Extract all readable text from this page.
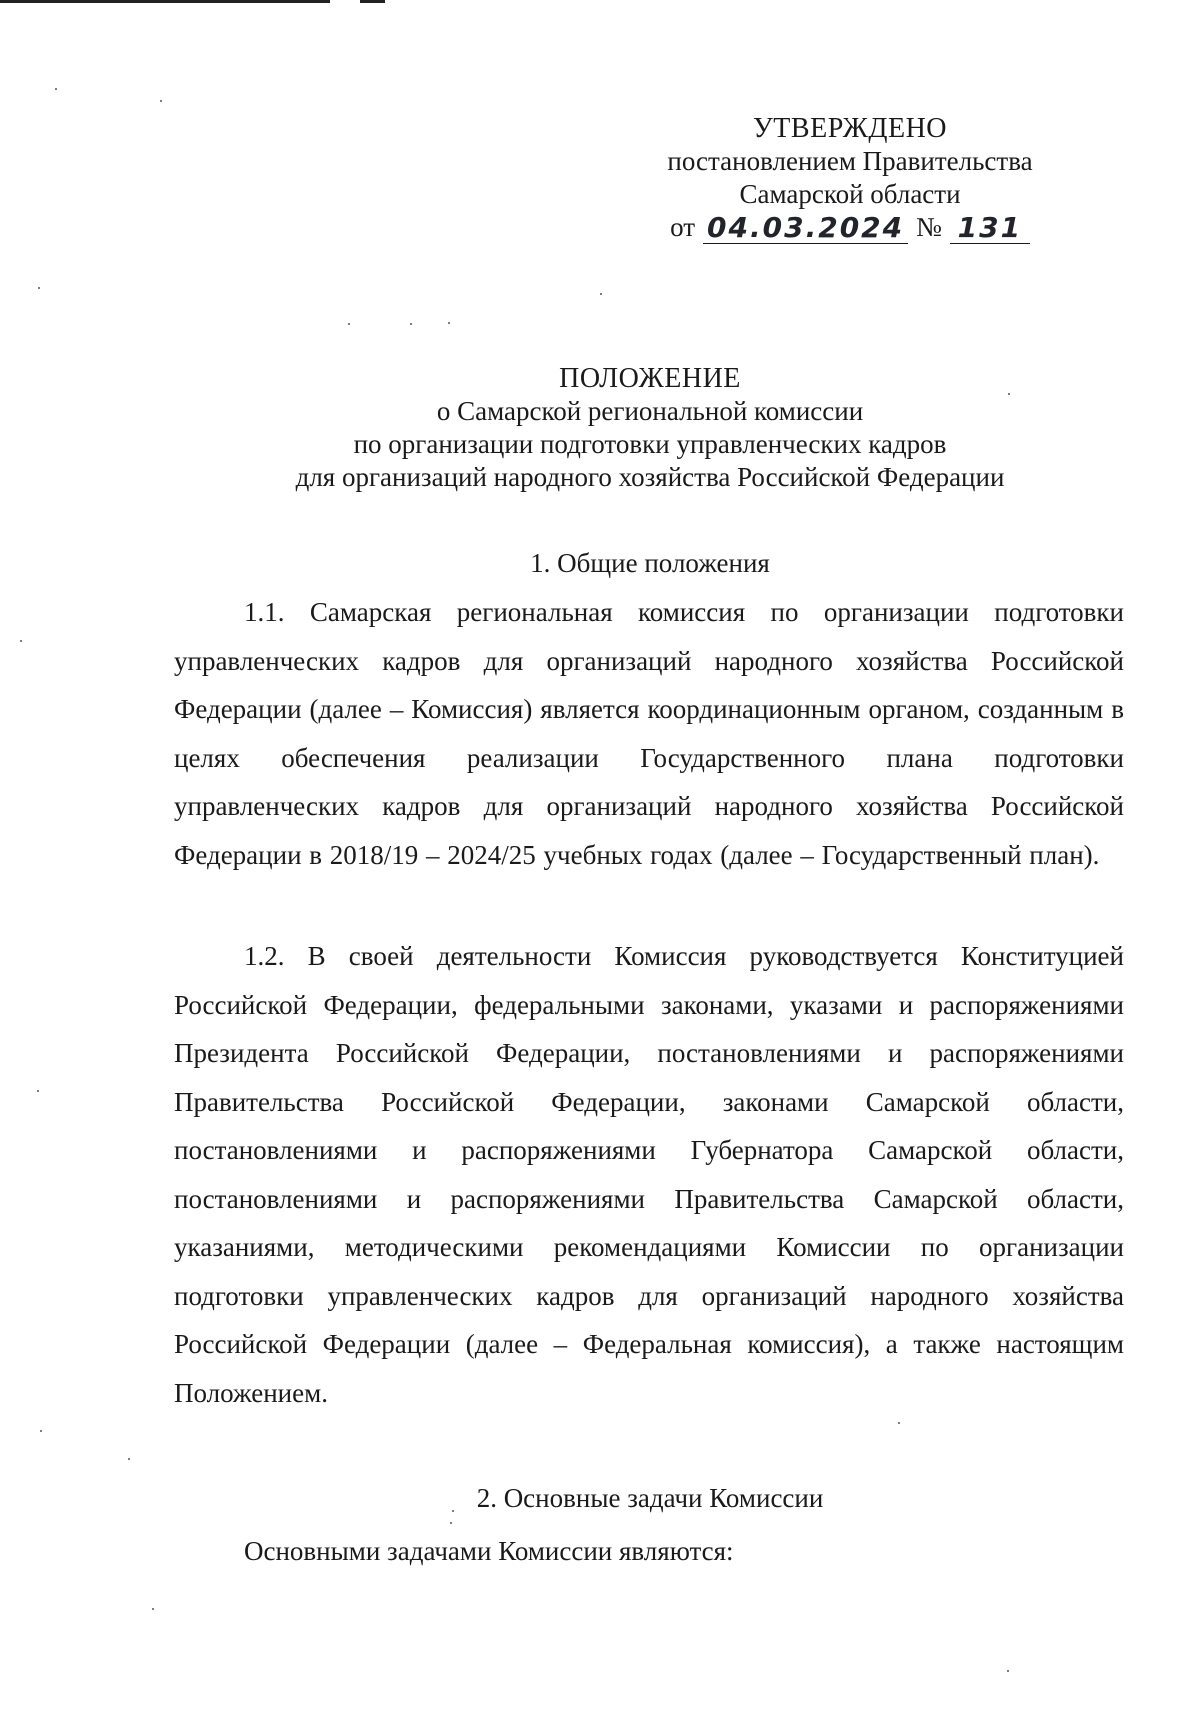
УТВЕРЖДЕНО
постановлением Правительства
Самарской области
от 04.03.2024 № 131
ПОЛОЖЕНИЕ
о Самарской региональной комиссии
по организации подготовки управленческих кадров
для организаций народного хозяйства Российской Федерации
1. Общие положения
1.1. Самарская региональная комиссия по организации подготовки управленческих кадров для организаций народного хозяйства Российской Федерации (далее – Комиссия) является координационным органом, созданным в целях обеспечения реализации Государственного плана подготовки управленческих кадров для организаций народного хозяйства Российской Федерации в 2018/19 – 2024/25 учебных годах (далее – Государственный план).
1.2. В своей деятельности Комиссия руководствуется Конституцией Российской Федерации, федеральными законами, указами и распоряжениями Президента Российской Федерации, постановлениями и распоряжениями Правительства Российской Федерации, законами Самарской области, постановлениями и распоряжениями Губернатора Самарской области, постановлениями и распоряжениями Правительства Самарской области, указаниями, методическими рекомендациями Комиссии по организации подготовки управленческих кадров для организаций народного хозяйства Российской Федерации (далее – Федеральная комиссия), а также настоящим Положением.
2. Основные задачи Комиссии
Основными задачами Комиссии являются:
